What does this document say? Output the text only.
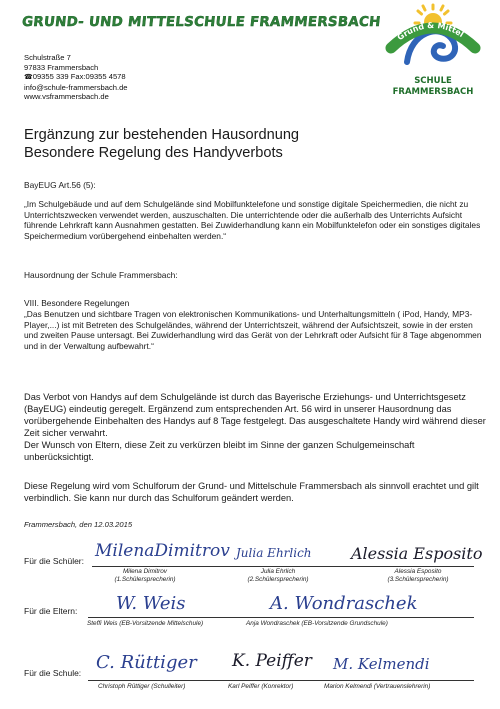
GRUND- UND MITTELSCHULE FRAMMERSBACH
Schulstraße 7
97833 Frammersbach
☎09355 339 Fax:09355 4578
info@schule-frammersbach.de
www.vsframmersbach.de
Grund & Mittel
SCHULE
FRAMMERSBACH
Ergänzung zur bestehenden Hausordnung
Besondere Regelung des Handyverbots
BayEUG Art.56 (5):
„Im Schulgebäude und auf dem Schulgelände sind Mobilfunktelefone und sonstige digitale Speichermedien, die nicht zu Unterrichtszwecken verwendet werden, auszuschalten. Die unterrichtende oder die außerhalb des Unterrichts Aufsicht führende Lehrkraft kann Ausnahmen gestatten. Bei Zuwiderhandlung kann ein Mobilfunktelefon oder ein sonstiges digitales Speichermedium vorübergehend einbehalten werden.“
Hausordnung der Schule Frammersbach:
VIII. Besondere Regelungen
„Das Benutzen und sichtbare Tragen von elektronischen Kommunikations- und Unterhaltungsmitteln ( iPod, Handy, MP3- Player,...) ist mit Betreten des Schulgeländes, während der Unterrichtszeit, während der Aufsichtszeit, sowie in der ersten und zweiten Pause untersagt. Bei Zuwiderhandlung wird das Gerät von der Lehrkraft oder Aufsicht für 8 Tage abgenommen und in der Verwaltung aufbewahrt.“
Das Verbot von Handys auf dem Schulgelände ist durch das Bayerische Erziehungs- und Unterrichtsgesetz (BayEUG) eindeutig geregelt. Ergänzend zum entsprechenden Art. 56 wird in unserer Hausordnung das vorübergehende Einbehalten des Handys auf 8 Tage festgelegt. Das ausgeschaltete Handy wird während dieser Zeit sicher verwahrt.
Der Wunsch von Eltern, diese Zeit zu verkürzen bleibt im Sinne der ganzen Schulgemeinschaft unberücksichtigt.
Diese Regelung wird vom Schulforum der Grund- und Mittelschule Frammersbach als sinnvoll erachtet und gilt verbindlich. Sie kann nur durch das Schulforum geändert werden.
Frammersbach, den 12.03.2015
Für die Schüler: MilenaDimitrov Julia Ehrlich Alessia Esposito
Milena Dimitrov
(1.Schülersprecherin)
Julia Ehrlich
(2.Schülersprecherin)
Alessia Esposito
(3.Schülersprecherin)
Für die Eltern: W. Weis	A. Wondraschek
Steffi Weis (EB-Vorsitzende Mittelschule)	Anja Wondraschek (EB-Vorsitzende Grundschule)
Für die Schule: C. Rüttiger K. Peiffer M. Kelmendi
Christoph Rüttiger (Schulleiter)	Karl Peiffer (Konrektor)	Marion Kelmendi (Vertrauenslehrerin)
